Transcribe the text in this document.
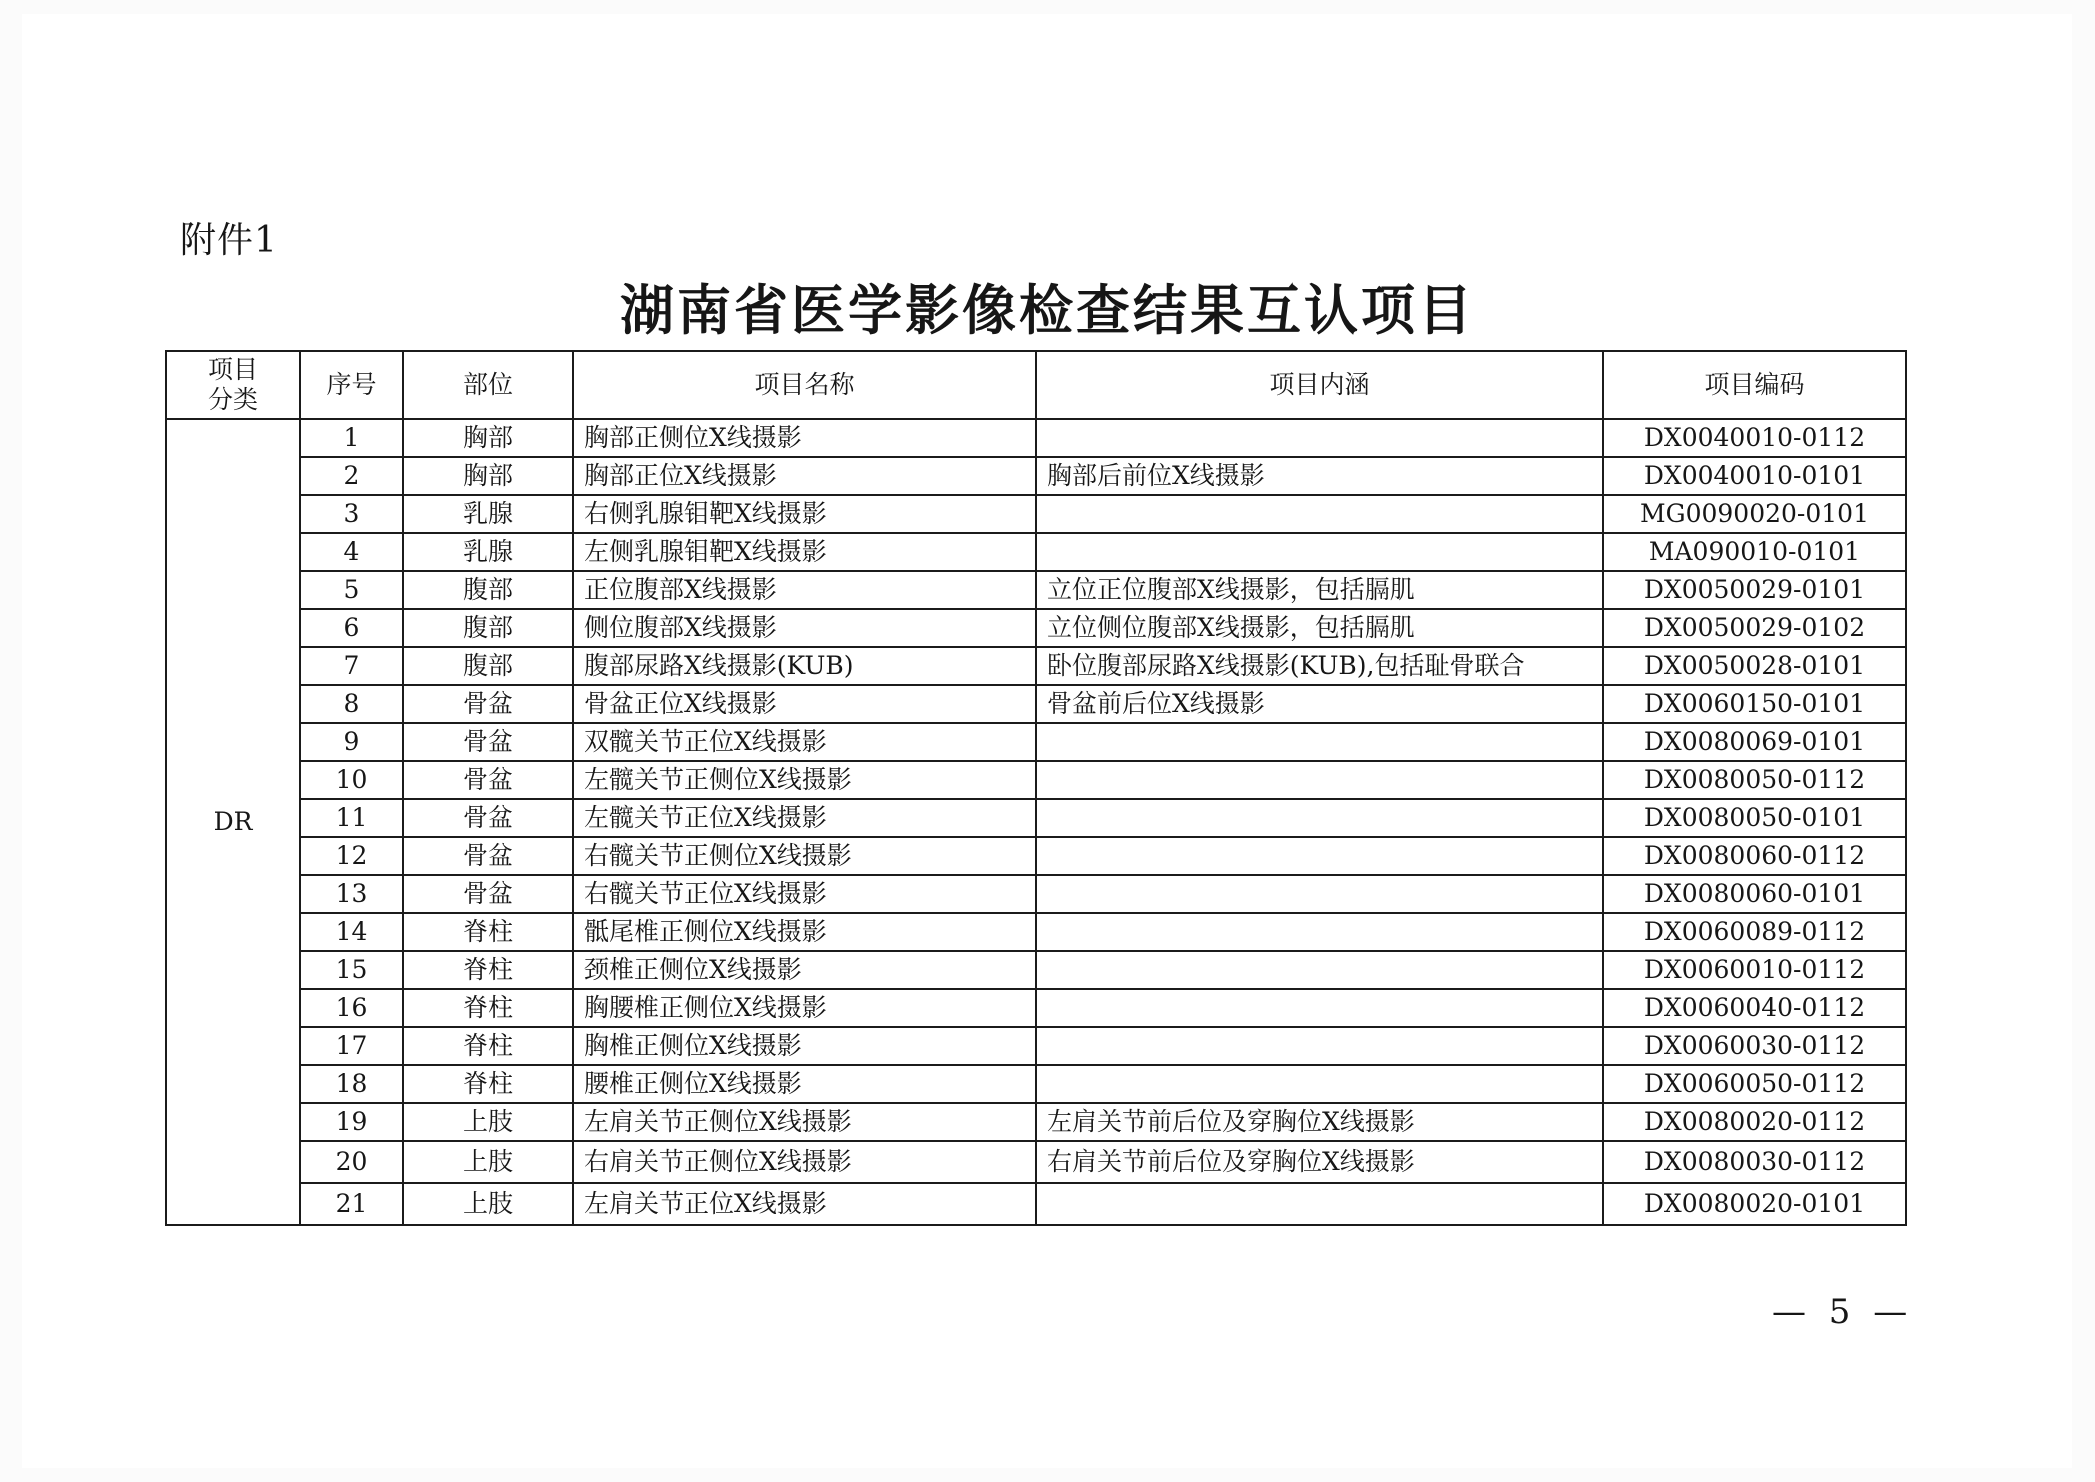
附件1
湖南省医学影像检查结果互认项目
项目
分类	序号	部位	项目名称	项目内涵	项目编码
DR	1	胸部	胸部正侧位X线摄影		DX0040010-0112
	2	胸部	胸部正位X线摄影	胸部后前位X线摄影	DX0040010-0101
	3	乳腺	右侧乳腺钼靶X线摄影		MG0090020-0101
	4	乳腺	左侧乳腺钼靶X线摄影		MA090010-0101
	5	腹部	正位腹部X线摄影	立位正位腹部X线摄影，包括膈肌	DX0050029-0101
	6	腹部	侧位腹部X线摄影	立位侧位腹部X线摄影，包括膈肌	DX0050029-0102
	7	腹部	腹部尿路X线摄影(KUB)	卧位腹部尿路X线摄影(KUB),包括耻骨联合	DX0050028-0101
	8	骨盆	骨盆正位X线摄影	骨盆前后位X线摄影	DX0060150-0101
	9	骨盆	双髋关节正位X线摄影		DX0080069-0101
	10	骨盆	左髋关节正侧位X线摄影		DX0080050-0112
	11	骨盆	左髋关节正位X线摄影		DX0080050-0101
	12	骨盆	右髋关节正侧位X线摄影		DX0080060-0112
	13	骨盆	右髋关节正位X线摄影		DX0080060-0101
	14	脊柱	骶尾椎正侧位X线摄影		DX0060089-0112
	15	脊柱	颈椎正侧位X线摄影		DX0060010-0112
	16	脊柱	胸腰椎正侧位X线摄影		DX0060040-0112
	17	脊柱	胸椎正侧位X线摄影		DX0060030-0112
	18	脊柱	腰椎正侧位X线摄影		DX0060050-0112
	19	上肢	左肩关节正侧位X线摄影	左肩关节前后位及穿胸位X线摄影	DX0080020-0112
	20	上肢	右肩关节正侧位X线摄影	右肩关节前后位及穿胸位X线摄影	DX0080030-0112
	21	上肢	左肩关节正位X线摄影		DX0080020-0101
— 5 —
